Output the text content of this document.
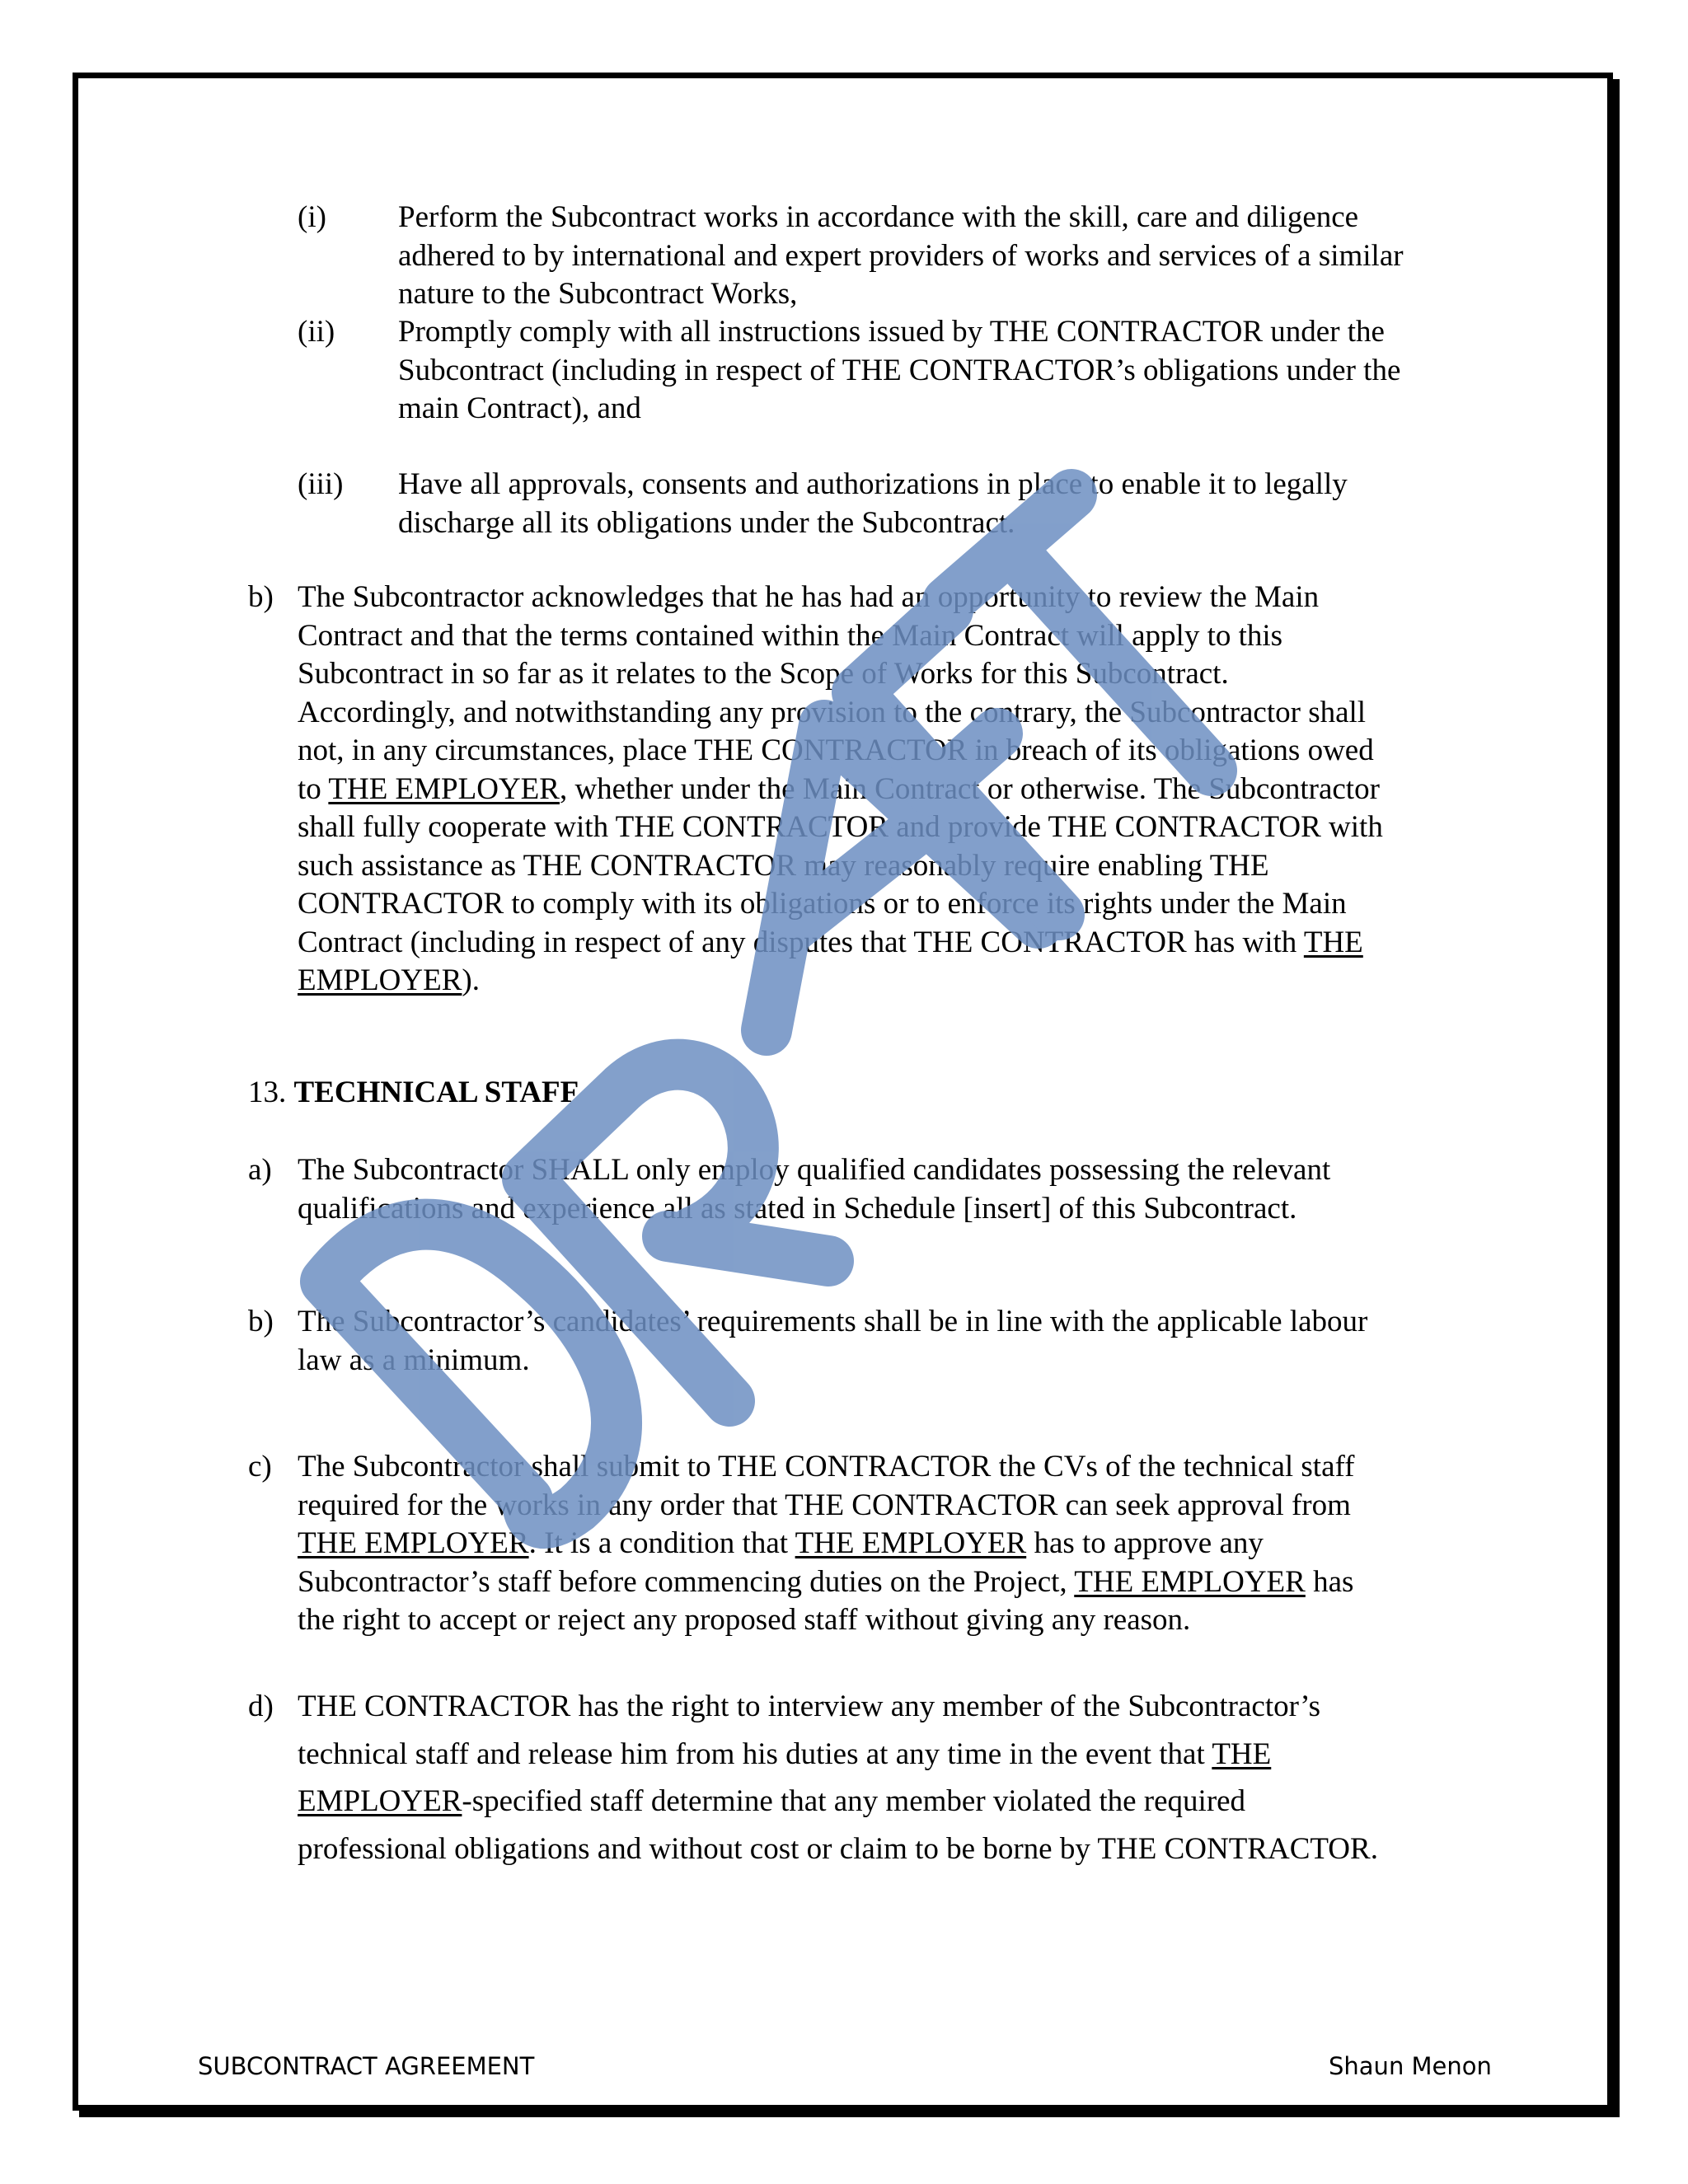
(i)	Perform the Subcontract works in accordance with the skill, care and diligence
adhered to by international and expert providers of works and services of a similar
nature to the Subcontract Works,
(ii)	Promptly comply with all instructions issued by THE CONTRACTOR under the
Subcontract (including in respect of THE CONTRACTOR’s obligations under the
main Contract), and
(iii)	Have all approvals, consents and authorizations in place to enable it to legally
discharge all its obligations under the Subcontract.
b) The Subcontractor acknowledges that he has had an opportunity to review the Main
Contract and that the terms contained within the Main Contract will apply to this
Subcontract in so far as it relates to the Scope of Works for this Subcontract.
Accordingly, and notwithstanding any provision to the contrary, the Subcontractor shall
not, in any circumstances, place THE CONTRACTOR in breach of its obligations owed
to THE EMPLOYER, whether under the Main Contract or otherwise. The Subcontractor
shall fully cooperate with THE CONTRACTOR and provide THE CONTRACTOR with
such assistance as THE CONTRACTOR may reasonably require enabling THE
CONTRACTOR to comply with its obligations or to enforce its rights under the Main
Contract (including in respect of any disputes that THE CONTRACTOR has with THE
EMPLOYER).
13. TECHNICAL STAFF
a) The Subcontractor SHALL only employ qualified candidates possessing the relevant
qualifications and experience all as stated in Schedule [insert] of this Subcontract.
b) The Subcontractor’s candidates’ requirements shall be in line with the applicable labour
law as a minimum.
c) The Subcontractor shall submit to THE CONTRACTOR the CVs of the technical staff
required for the works in any order that THE CONTRACTOR can seek approval from
THE EMPLOYER. It is a condition that THE EMPLOYER has to approve any
Subcontractor’s staff before commencing duties on the Project, THE EMPLOYER has
the right to accept or reject any proposed staff without giving any reason.
d) THE CONTRACTOR has the right to interview any member of the Subcontractor’s
technical staff and release him from his duties at any time in the event that THE
EMPLOYER-specified staff determine that any member violated the required
professional obligations and without cost or claim to be borne by THE CONTRACTOR.
SUBCONTRACT AGREEMENT	Shaun Menon
